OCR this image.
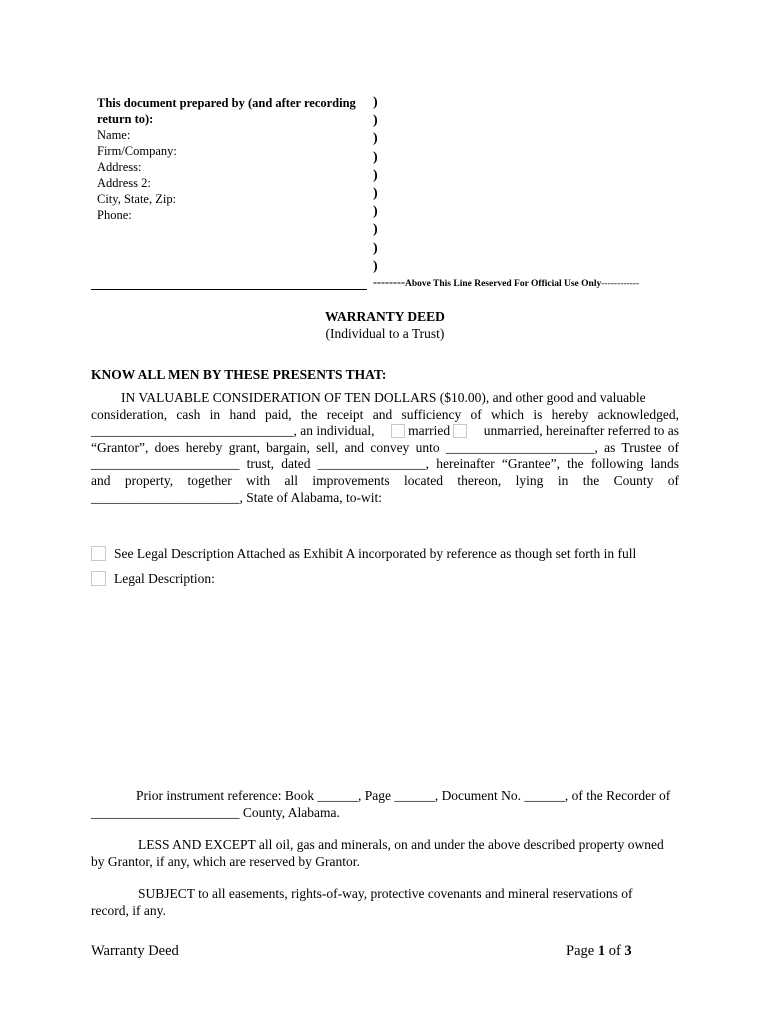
This document prepared by (and after recording
return to):
Name:
Firm/Company:
Address:
Address 2:
City, State, Zip:
Phone:
)
)
)
)
)
)
)
)
)
)
--------Above This Line Reserved For Official Use Only------------
WARRANTY DEED
(Individual to a Trust)
KNOW ALL MEN BY THESE PRESENTS THAT:
IN VALUABLE CONSIDERATION OF TEN DOLLARS ($10.00), and other good and valuable
consideration, cash in hand paid, the receipt and sufficiency of which is hereby acknowledged,
______________________________, an individual,	married	unmarried, hereinafter referred to as
“Grantor”, does hereby grant, bargain, sell, and convey unto ______________________, as Trustee of
______________________ trust, dated ________________, hereinafter “Grantee”, the following lands
and property, together with all improvements located thereon, lying in the County of
______________________, State of Alabama, to-wit:
See Legal Description Attached as Exhibit A incorporated by reference as though set forth in full
Legal Description:
Prior instrument reference: Book ______, Page ______, Document No. ______, of the Recorder of
______________________ County, Alabama.
LESS AND EXCEPT all oil, gas and minerals, on and under the above described property owned
by Grantor, if any, which are reserved by Grantor.
SUBJECT to all easements, rights-of-way, protective covenants and mineral reservations of
record, if any.
Warranty Deed	Page 1 of 3
